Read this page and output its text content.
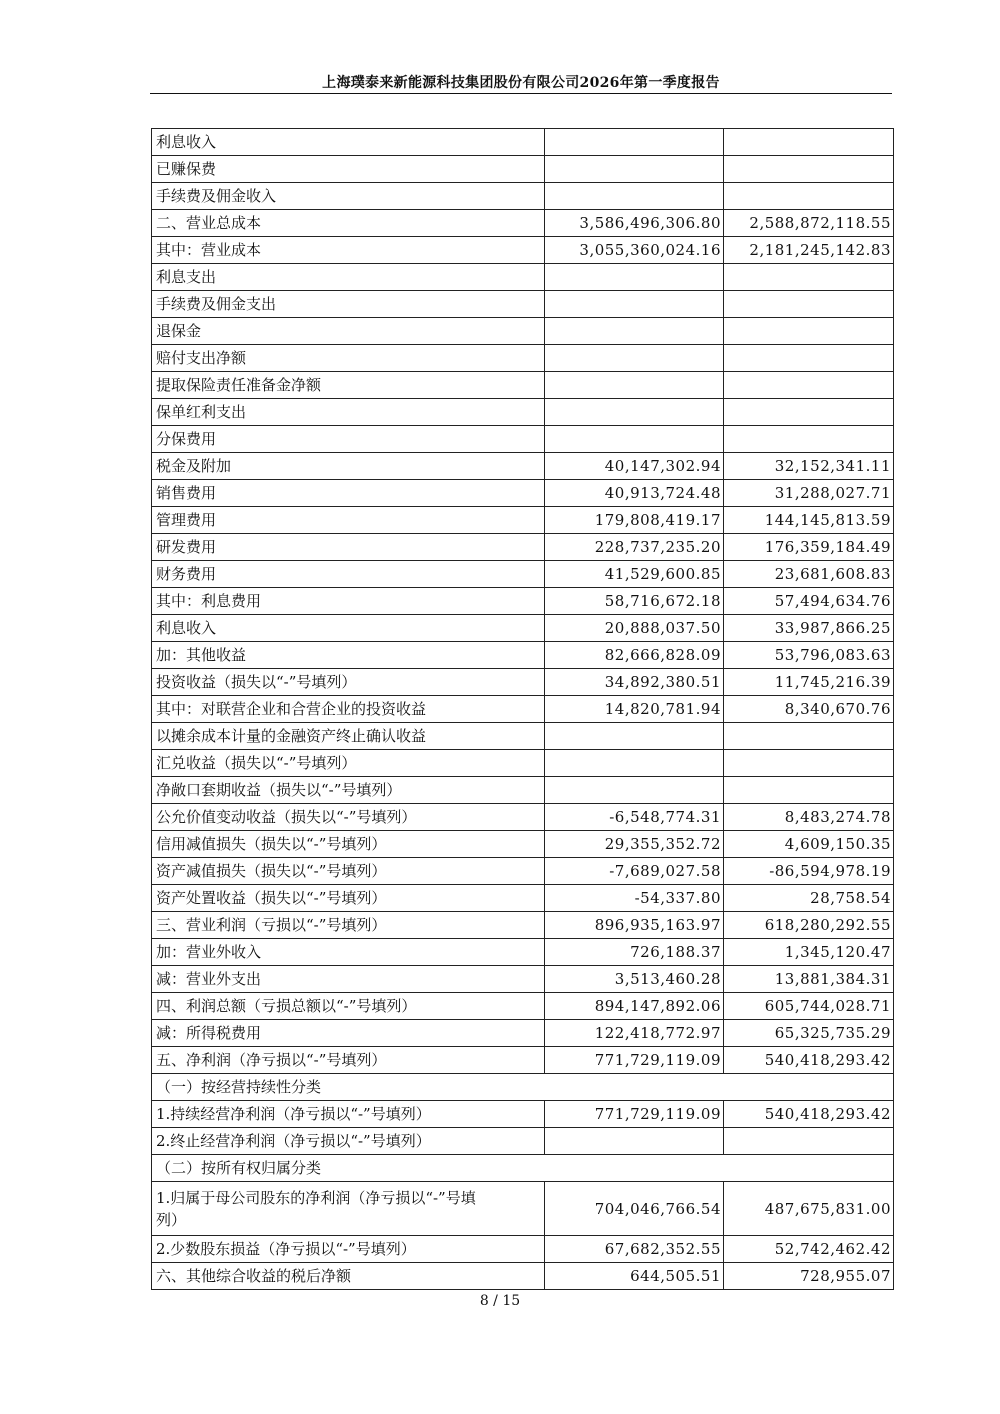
上海璞泰来新能源科技集团股份有限公司2026年第一季度报告
利息收入		
已赚保费		
手续费及佣金收入		
二、营业总成本	3,586,496,306.80	2,588,872,118.55
其中：营业成本	3,055,360,024.16	2,181,245,142.83
利息支出		
手续费及佣金支出		
退保金		
赔付支出净额		
提取保险责任准备金净额		
保单红利支出		
分保费用		
税金及附加	40,147,302.94	32,152,341.11
销售费用	40,913,724.48	31,288,027.71
管理费用	179,808,419.17	144,145,813.59
研发费用	228,737,235.20	176,359,184.49
财务费用	41,529,600.85	23,681,608.83
其中：利息费用	58,716,672.18	57,494,634.76
利息收入	20,888,037.50	33,987,866.25
加：其他收益	82,666,828.09	53,796,083.63
投资收益（损失以“-”号填列）	34,892,380.51	11,745,216.39
其中：对联营企业和合营企业的投资收益	14,820,781.94	8,340,670.76
以摊余成本计量的金融资产终止确认收益		
汇兑收益（损失以“-”号填列）		
净敞口套期收益（损失以“-”号填列）		
公允价值变动收益（损失以“-”号填列）	-6,548,774.31	8,483,274.78
信用减值损失（损失以“-”号填列）	29,355,352.72	4,609,150.35
资产减值损失（损失以“-”号填列）	-7,689,027.58	-86,594,978.19
资产处置收益（损失以“-”号填列）	-54,337.80	28,758.54
三、营业利润（亏损以“-”号填列）	896,935,163.97	618,280,292.55
加：营业外收入	726,188.37	1,345,120.47
减：营业外支出	3,513,460.28	13,881,384.31
四、利润总额（亏损总额以“-”号填列）	894,147,892.06	605,744,028.71
减：所得税费用	122,418,772.97	65,325,735.29
五、净利润（净亏损以“-”号填列）	771,729,119.09	540,418,293.42
（一）按经营持续性分类		
1.持续经营净利润（净亏损以“-”号填列）	771,729,119.09	540,418,293.42
2.终止经营净利润（净亏损以“-”号填列）		
（二）按所有权归属分类		
1.归属于母公司股东的净利润（净亏损以“-”号填列）	704,046,766.54	487,675,831.00
2.少数股东损益（净亏损以“-”号填列）	67,682,352.55	52,742,462.42
六、其他综合收益的税后净额	644,505.51	728,955.07
8 / 15
